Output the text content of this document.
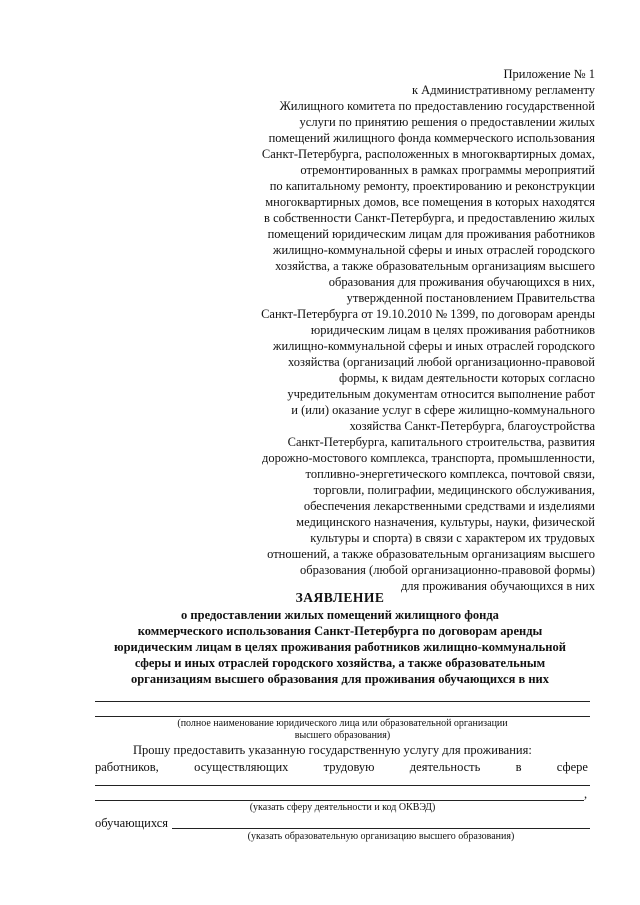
Приложение № 1
к Административному регламенту
Жилищного комитета по предоставлению государственной
услуги по принятию решения о предоставлении жилых
помещений жилищного фонда коммерческого использования
Санкт-Петербурга, расположенных в многоквартирных домах,
отремонтированных в рамках программы мероприятий
по капитальному ремонту, проектированию и реконструкции
многоквартирных домов, все помещения в которых находятся
в собственности Санкт-Петербурга, и предоставлению жилых
помещений юридическим лицам для проживания работников
жилищно-коммунальной сферы и иных отраслей городского
хозяйства, а также образовательным организациям высшего
образования для проживания обучающихся в них,
утвержденной постановлением Правительства
Санкт-Петербурга от 19.10.2010 № 1399, по договорам аренды
юридическим лицам в целях проживания работников
жилищно-коммунальной сферы и иных отраслей городского
хозяйства (организаций любой организационно-правовой
формы, к видам деятельности которых согласно
учредительным документам относится выполнение работ
и (или) оказание услуг в сфере жилищно-коммунального
хозяйства Санкт-Петербурга, благоустройства
Санкт-Петербурга, капитального строительства, развития
дорожно-мостового комплекса, транспорта, промышленности,
топливно-энергетического комплекса, почтовой связи,
торговли, полиграфии, медицинского обслуживания,
обеспечения лекарственными средствами и изделиями
медицинского назначения, культуры, науки, физической
культуры и спорта) в связи с характером их трудовых
отношений, а также образовательным организациям высшего
образования (любой организационно-правовой формы)
для проживания обучающихся в них
ЗАЯВЛЕНИЕ
о предоставлении жилых помещений жилищного фонда
коммерческого использования Санкт-Петербурга по договорам аренды
юридическим лицам в целях проживания работников жилищно-коммунальной
сферы и иных отраслей городского хозяйства, а также образовательным
организациям высшего образования для проживания обучающихся в них
(полное наименование юридического лица или образовательной организации
высшего образования)
Прошу предоставить указанную государственную услугу для проживания:
работников,	осуществляющих	трудовую	деятельность	в	сфере
,
(указать сферу деятельности и код ОКВЭД)
обучающихся
(указать образовательную организацию высшего образования)
